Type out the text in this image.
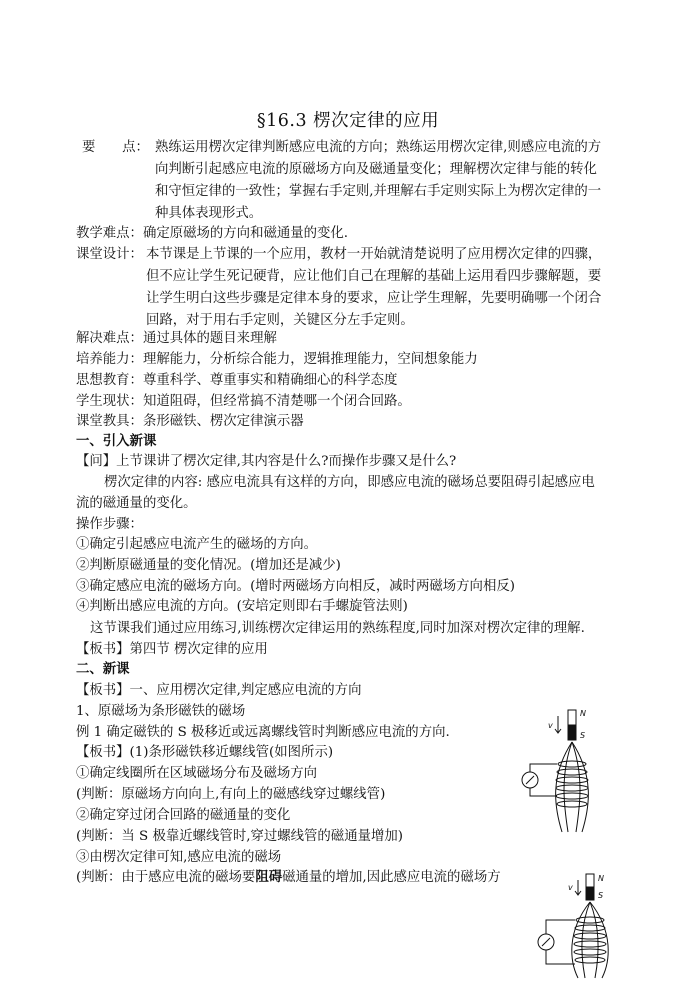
§16.3 楞次定律的应用
要　　点： 熟练运用楞次定律判断感应电流的方向；熟练运用楞次定律,则感应电流的方
向判断引起感应电流的原磁场方向及磁通量变化；理解楞次定律与能的转化
和守恒定律的一致性；掌握右手定则,并理解右手定则实际上为楞次定律的一
种具体表现形式。
教学难点：确定原磁场的方向和磁通量的变化.
课堂设计： 本节课是上节课的一个应用，教材一开始就清楚说明了应用楞次定律的四骤，
但不应让学生死记硬背，应让他们自己在理解的基础上运用看四步骤解题，要
让学生明白这些步骤是定律本身的要求，应让学生理解，先要明确哪一个闭合
回路，对于用右手定则，关键区分左手定则。
解决难点：通过具体的题目来理解
培养能力：理解能力，分析综合能力，逻辑推理能力，空间想象能力
思想教育：尊重科学、尊重事实和精确细心的科学态度
学生现状：知道阻碍，但经常搞不清楚哪一个闭合回路。
课堂教具：条形磁铁、楞次定律演示器
一、引入新课
【问】上节课讲了楞次定律,其内容是什么?而操作步骤又是什么?
楞次定律的内容: 感应电流具有这样的方向，即感应电流的磁场总要阻碍引起感应电
流的磁通量的变化。
操作步骤：
①确定引起感应电流产生的磁场的方向。
②判断原磁通量的变化情况。(增加还是减少)
③确定感应电流的磁场方向。(增时两磁场方向相反，减时两磁场方向相反)
④判断出感应电流的方向。(安培定则即右手螺旋管法则)
这节课我们通过应用练习,训练楞次定律运用的熟练程度,同时加深对楞次定律的理解.
【板书】第四节 楞次定律的应用
二、新课
【板书】一、应用楞次定律,判定感应电流的方向
1、原磁场为条形磁铁的磁场
例 1 确定磁铁的 S 极移近或远离螺线管时判断感应电流的方向.
【板书】(1)条形磁铁移近螺线管(如图所示)
①确定线圈所在区域磁场分布及磁场方向
(判断：原磁场方向向上,有向上的磁感线穿过螺线管)
②确定穿过闭合回路的磁通量的变化
(判断：当 S 极靠近螺线管时,穿过螺线管的磁通量增加)
③由楞次定律可知,感应电流的磁场
(判断：由于感应电流的磁场要阻碍磁通量的增加,因此感应电流的磁场方
N
S
v
N
S
v
